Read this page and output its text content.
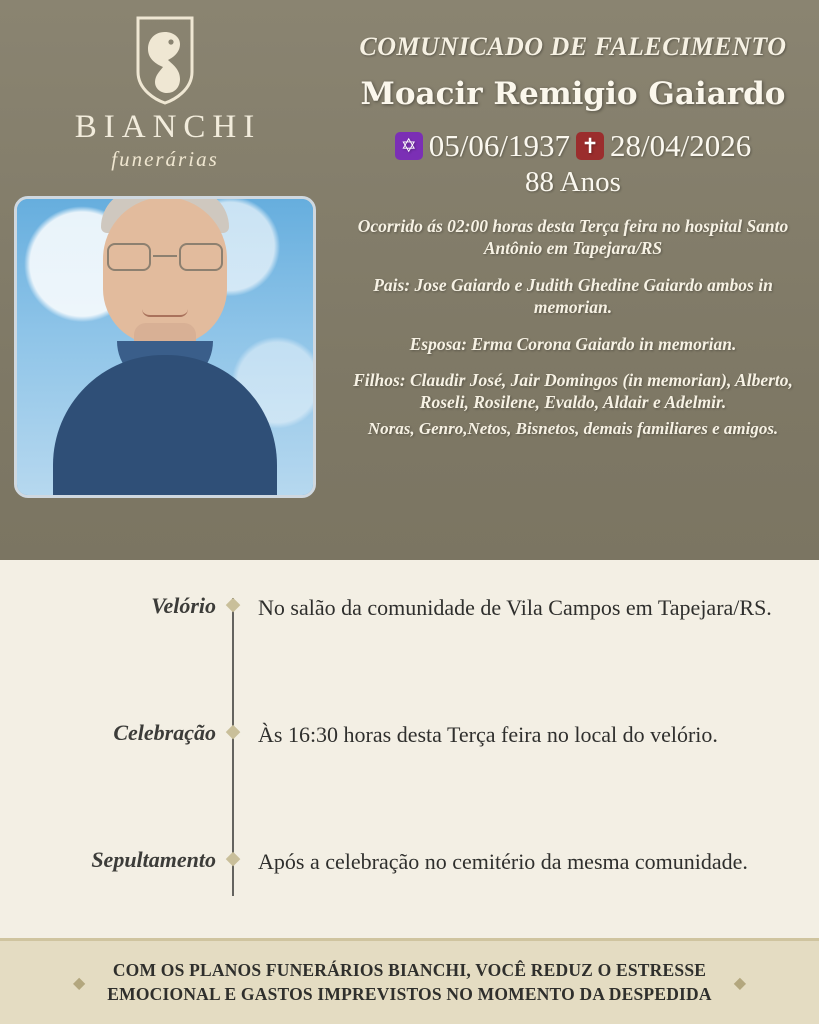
BIANCHI
funerárias
COMUNICADO DE FALECIMENTO
Moacir Remigio Gaiardo
✡ 05/06/1937 ✝ 28/04/2026
88 Anos
Ocorrido ás 02:00 horas desta Terça feira no hospital Santo Antônio em Tapejara/RS
Pais: Jose Gaiardo e Judith Ghedine Gaiardo ambos in memorian.
Esposa: Erma Corona Gaiardo in memorian.
Filhos: Claudir José, Jair Domingos (in memorian), Alberto, Roseli, Rosilene, Evaldo, Aldair e Adelmir.
Noras, Genro,Netos, Bisnetos, demais familiares e amigos.
Velório ◆ No salão da comunidade de Vila Campos em Tapejara/RS.
Celebração ◆ Às 16:30 horas desta Terça feira no local do velório.
Sepultamento ◆ Após a celebração no cemitério da mesma comunidade.
◆
COM OS PLANOS FUNERÁRIOS BIANCHI, VOCÊ REDUZ O ESTRESSE
EMOCIONAL E GASTOS IMPREVISTOS NO MOMENTO DA DESPEDIDA
◆
